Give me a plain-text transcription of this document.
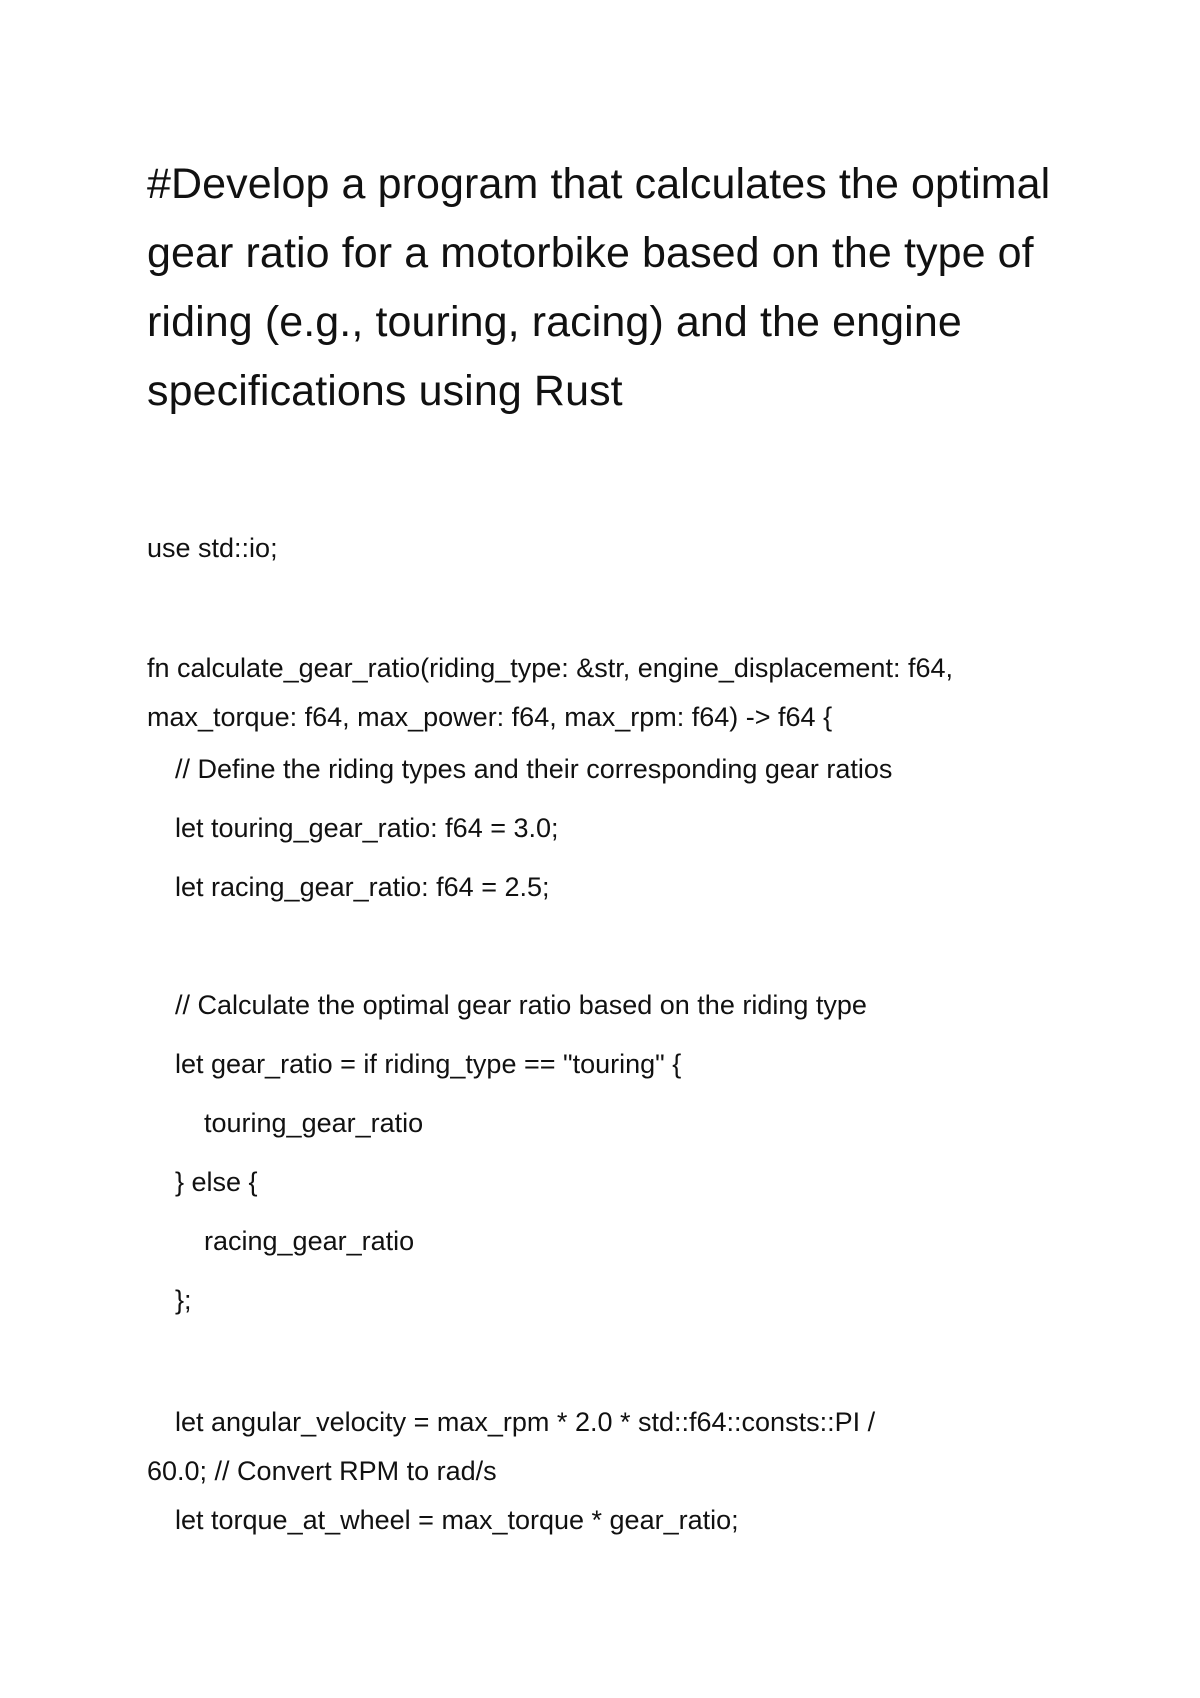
#Develop a program that calculates the optimal gear ratio for a motorbike based on the type of riding (e.g., touring, racing) and the engine specifications using Rust

use std::io;

fn calculate_gear_ratio(riding_type: &str, engine_displacement: f64,

max_torque: f64, max_power: f64, max_rpm: f64) -> f64 {

// Define the riding types and their corresponding gear ratios

let touring_gear_ratio: f64 = 3.0;

let racing_gear_ratio: f64 = 2.5;

// Calculate the optimal gear ratio based on the riding type

let gear_ratio = if riding_type == "touring" {

touring_gear_ratio

} else {

racing_gear_ratio

};

let angular_velocity = max_rpm * 2.0 * std::f64::consts::PI /

60.0; // Convert RPM to rad/s

let torque_at_wheel = max_torque * gear_ratio;
